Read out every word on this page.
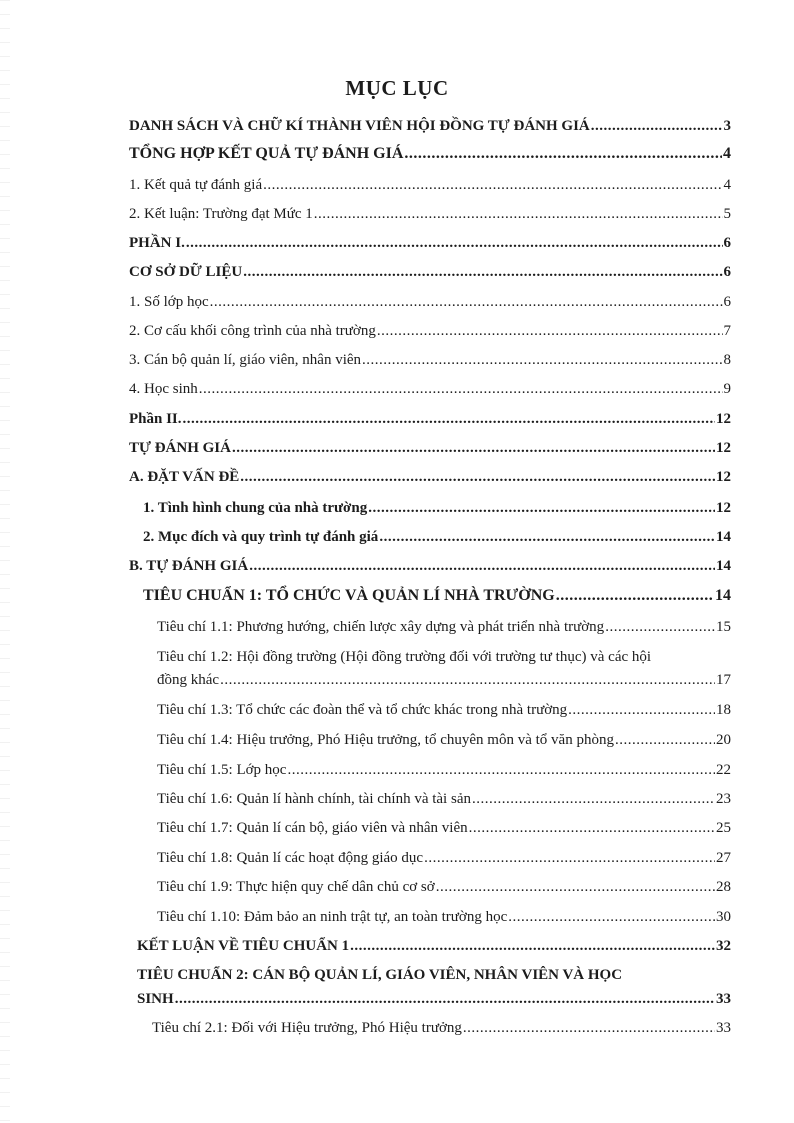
MỤC LỤC
DANH SÁCH VÀ CHỮ KÍ THÀNH VIÊN HỘI ĐỒNG TỰ ĐÁNH GIÁ .....	3
TỔNG HỢP KẾT QUẢ TỰ ĐÁNH GIÁ .....	4
1. Kết quả tự đánh giá .....	4
2. Kết luận: Trường đạt Mức 1 .....	5
PHẦN I. .....	6
CƠ SỞ DỮ LIỆU .....	6
1. Số lớp học .....	6
2. Cơ cấu khối công trình của nhà trường .....	7
3. Cán bộ quản lí, giáo viên, nhân viên .....	8
4. Học sinh .....	9
Phần II. .....	12
TỰ ĐÁNH GIÁ .....	12
A. ĐẶT VẤN ĐỀ .....	12
1. Tình hình chung của nhà trường .....	12
2. Mục đích và quy trình tự đánh giá .....	14
B. TỰ ĐÁNH GIÁ .....	14
TIÊU CHUẨN 1: TỔ CHỨC VÀ QUẢN LÍ NHÀ TRƯỜNG .....	14
Tiêu chí 1.1: Phương hướng, chiến lược xây dựng và phát triển nhà trường .....	15
Tiêu chí 1.2: Hội đồng trường (Hội đồng trường đối với trường tư thục) và các hội
đồng khác .....	17
Tiêu chí 1.3: Tổ chức các đoàn thể và tổ chức khác trong nhà trường .....	18
Tiêu chí 1.4: Hiệu trưởng, Phó Hiệu trưởng, tổ chuyên môn và tổ văn phòng .....	20
Tiêu chí 1.5: Lớp học .....	22
Tiêu chí 1.6: Quản lí hành chính, tài chính và tài sản .....	23
Tiêu chí 1.7: Quản lí cán bộ, giáo viên và nhân viên .....	25
Tiêu chí 1.8: Quản lí các hoạt động giáo dục .....	27
Tiêu chí 1.9: Thực hiện quy chế dân chủ cơ sở .....	28
Tiêu chí 1.10: Đảm bảo an ninh trật tự, an toàn trường học .....	30
KẾT LUẬN VỀ TIÊU CHUẨN 1 .....	32
TIÊU CHUẨN 2: CÁN BỘ QUẢN LÍ, GIÁO VIÊN, NHÂN VIÊN VÀ HỌC
SINH .....	33
Tiêu chí 2.1: Đối với Hiệu trưởng, Phó Hiệu trưởng .....	33
